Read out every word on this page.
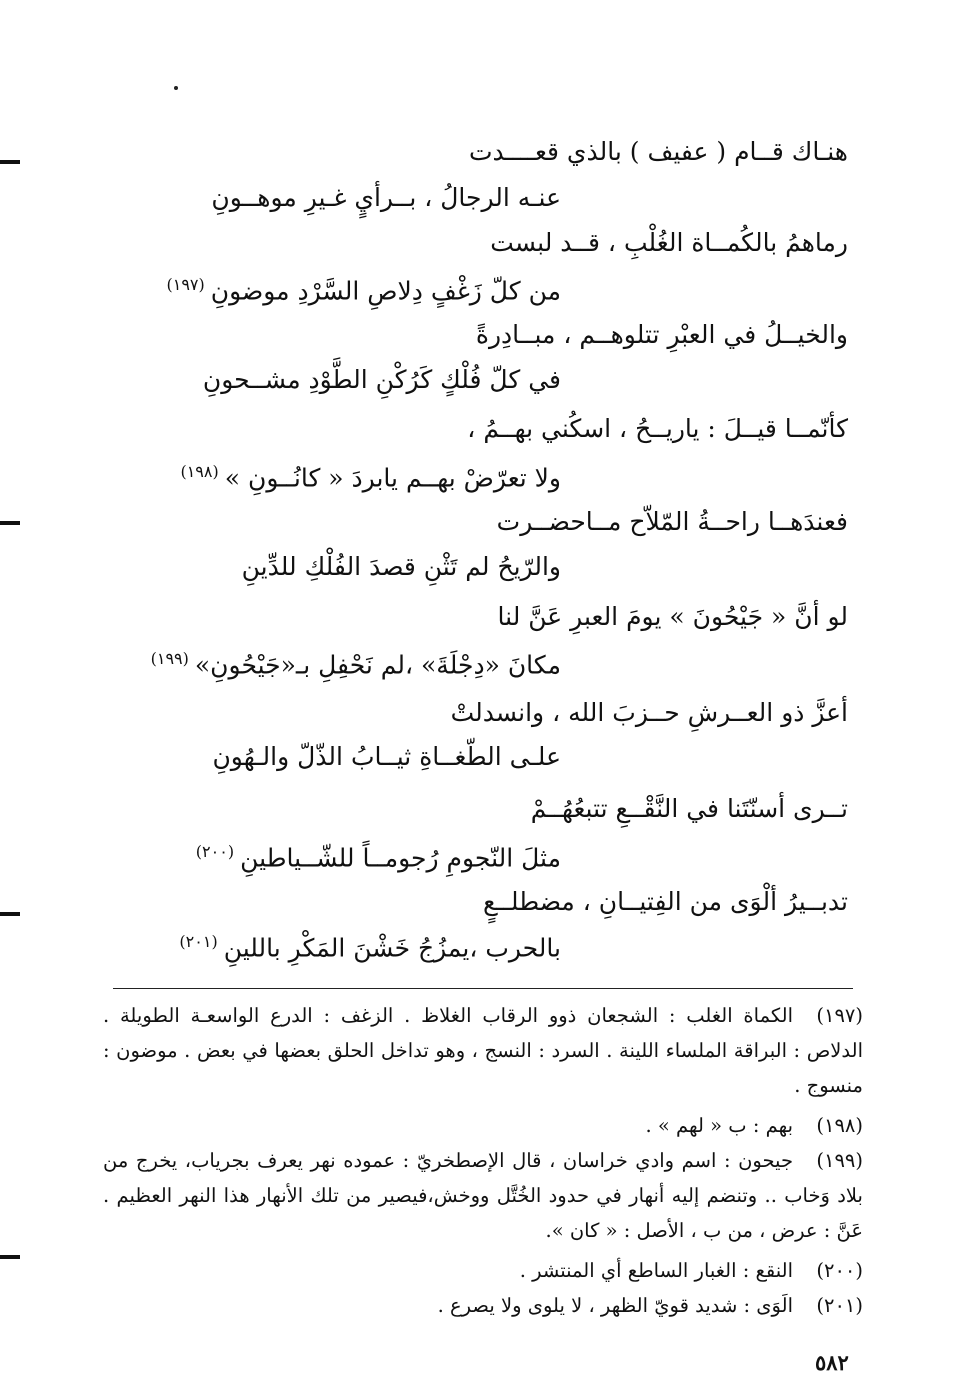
هنـاك قــام ( عفيف ) بالذي قعــــدت
عنـه الرجالُ ، بــرأيٍ غـيرِ موهــونِ
رماهمُ بالكُمــاة الغُلْبِ ، قــد لبست
من كلّ زَغْفٍ دِلاصِ السَّرْدِ موضونِ$^{(١٩٧)}$
والخيــلُ في العبْرِ تتلوهــم ، مبــادِرةً
في كلّ فُلْكٍ كَرُكْنِ الطَّوْدِ مشــحونِ
كأنّمــا قيــلَ : ياريــحُ ، اسكُني بهــمُ ،
ولا تعرّضْ بهــم يابردَ « كانُــونِ »$^{(١٩٨)}$
فعندَهــا راحــةُ المّلاّح مــاحضــرت
والرّيحُ لم تَثْنِ قصدَ الفُلْكِ للدِّينِ
لو أنَّ « جَيْحُونَ » يومَ العبرِ عَنَّ لنا
مكانَ «دِجْلَةَ» ،لم نَحْفِلِ بـ«جَيْحُونِ»$^{(١٩٩)}$
أعزَّ ذو العــرشِ حــزبَ الله ، وانسدلتْ
علـى الطّغــاةِ ثيــابُ الذّلّ والـهُونِ
تــرى أسنّتَنا في النَّقْــعِ تتبعُهُــمْ
مثلَ النّجومِ رُجومــاً للشّــياطينِ$^{(٢٠٠)}$
تدبــيرُ ألْوَى من الفِتيــانِ ، مضطلــعٍ
بالحرب ،يمزُجُ خَشْنَ المَكْرِ باللينِ$^{(٢٠١)}$
(١٩٧)الكماة الغلب : الشجعان ذوو الرقاب الغلاظ . الزغف : الدرع الواسعـة الطويلة . الدلاص : البراقة الملساء اللينة . السرد : النسج ، وهو تداخل الحلق بعضها في بعض . موضون : منسوج .
(١٩٨)بهم : ب « لهم » .
(١٩٩)جيحون : اسم وادي خراسان ، قال الإصطخريّ : عموده نهر يعرف بجرياب، يخرج من بلاد وَخاب .. وتنضم إليه أنهار في حدود الخُتَّل ووخش،فيصير من تلك الأنهار هذا النهر العظيم . عَنَّ : عرض ، من ب ، الأصل : « كان ».
(٢٠٠)النقع : الغبار الساطع أي المنتشر .
(٢٠١)الَوَى : شديد قويّ الظهر ، لا يلوى ولا يصرع .
٥٨٢
